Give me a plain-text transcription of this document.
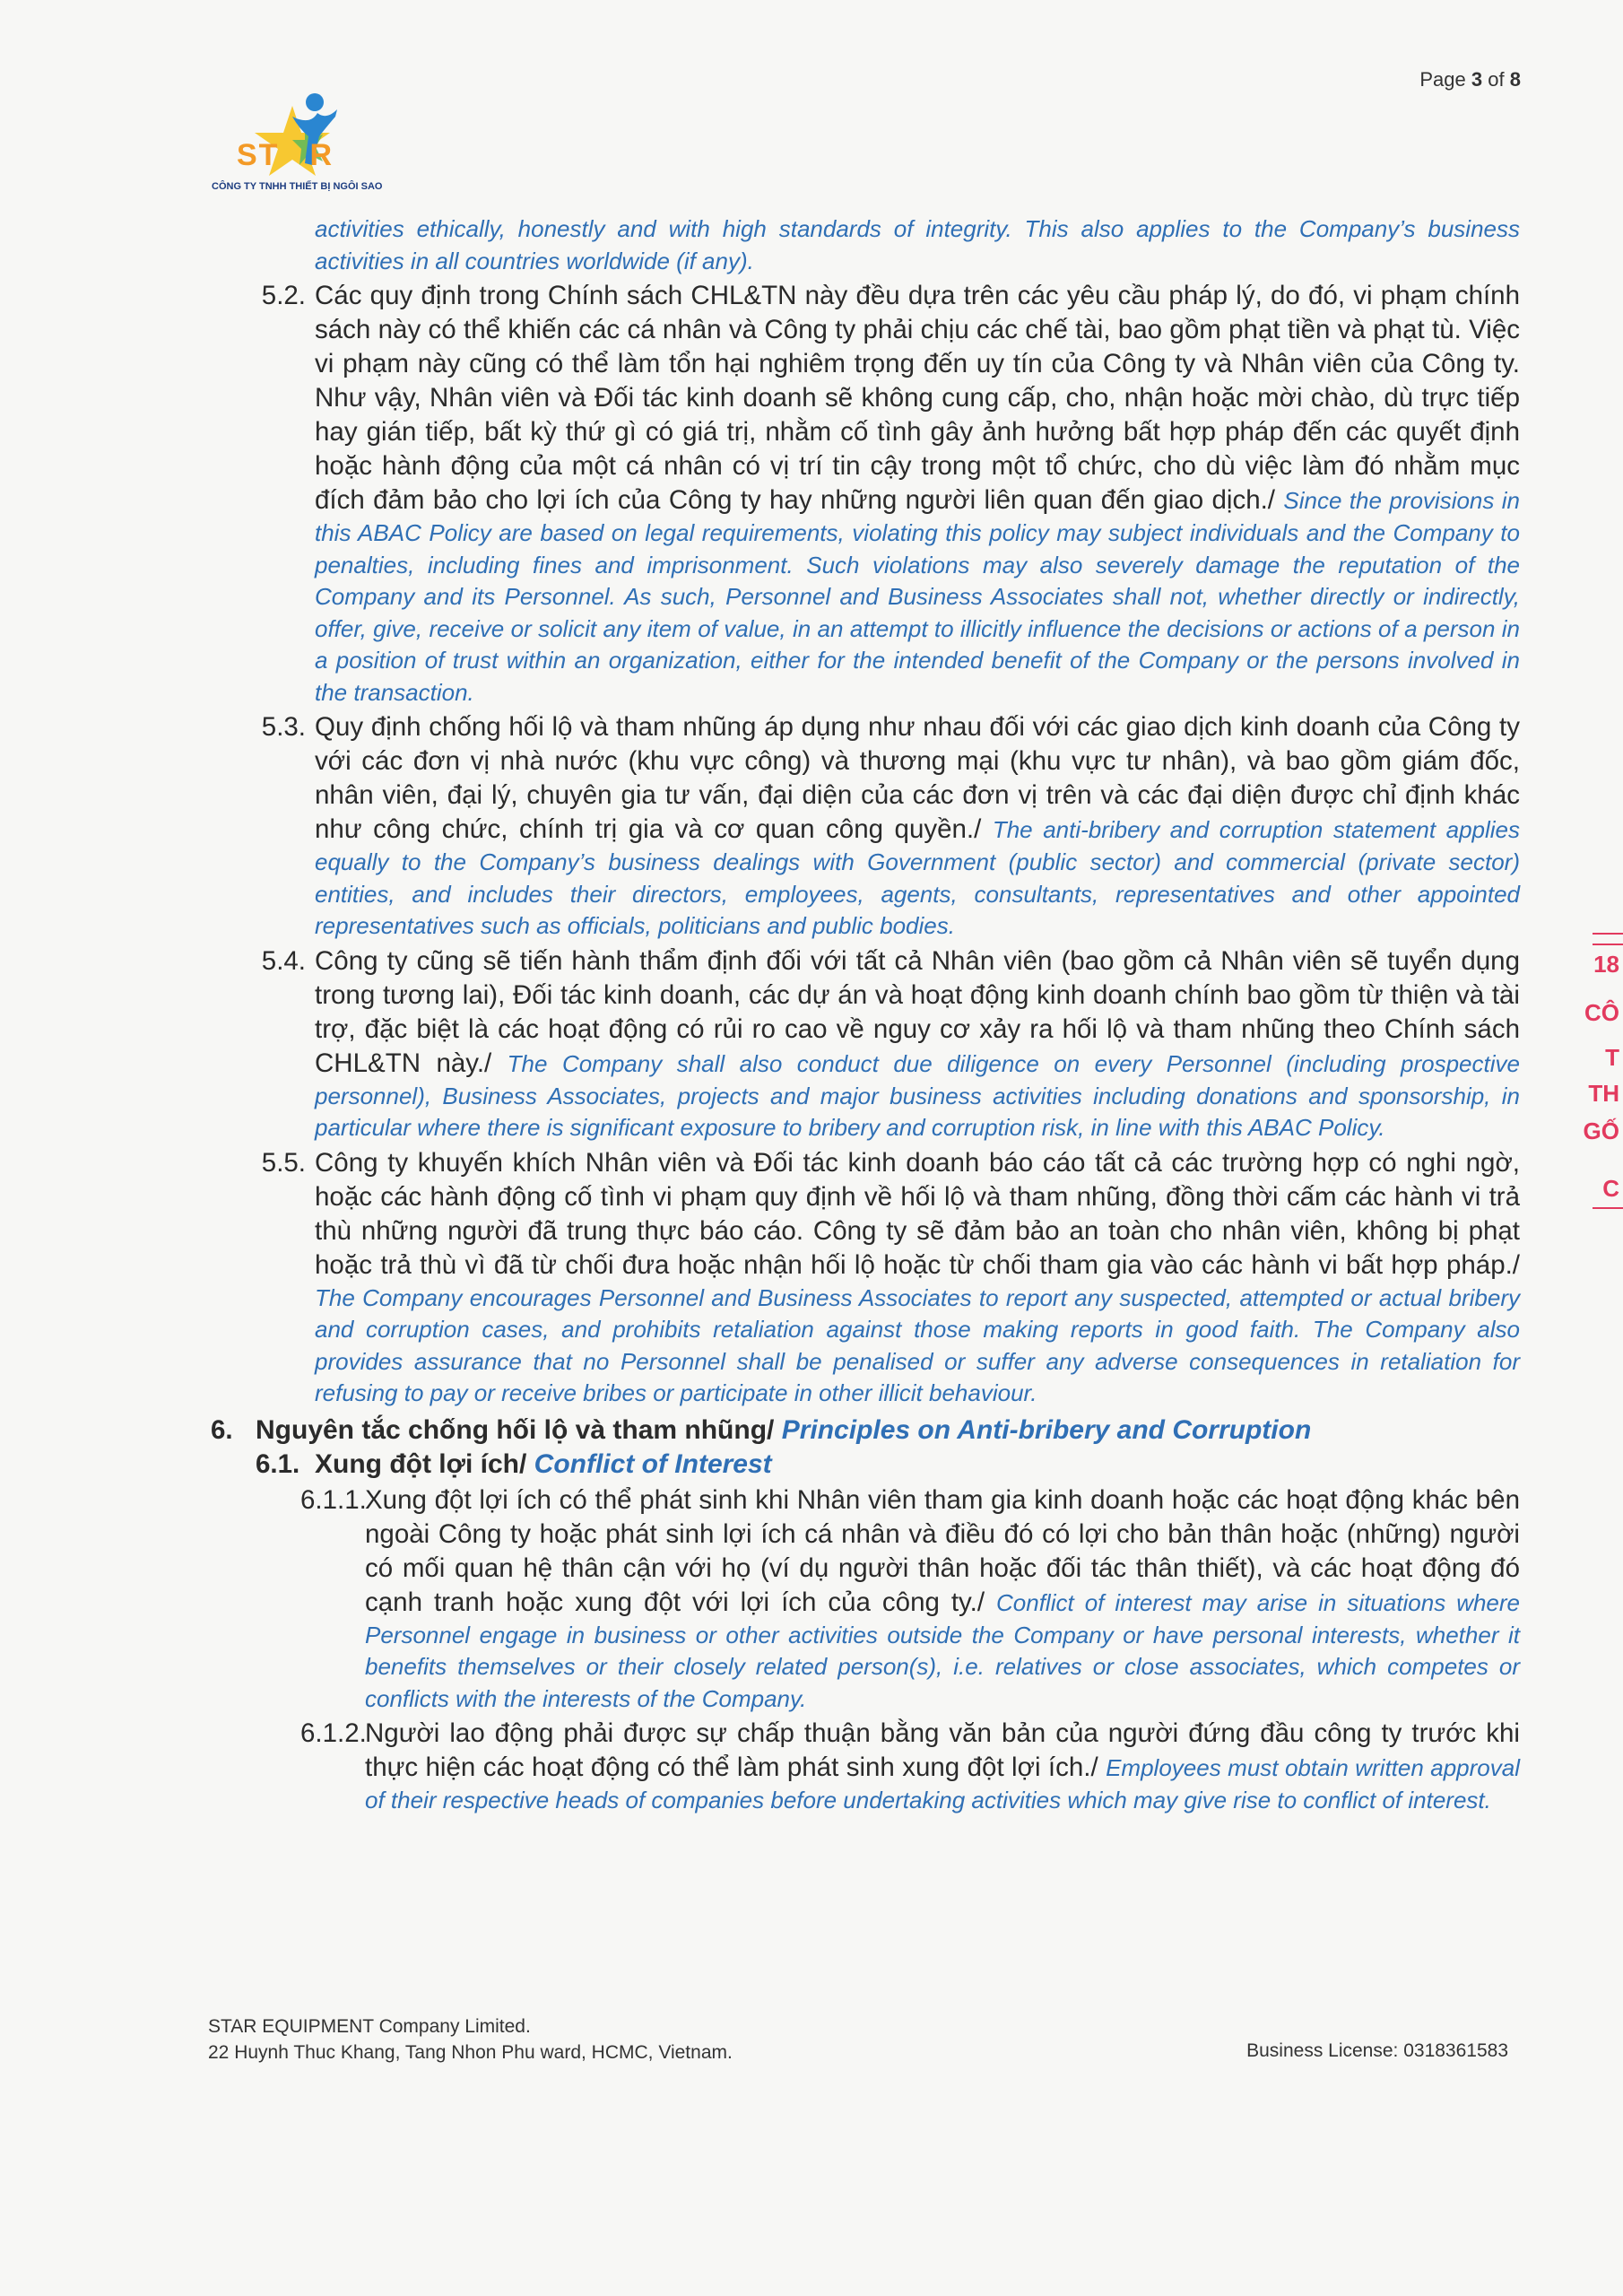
Page 3 of 8
ST R
CÔNG TY TNHH THIẾT BỊ NGÔI SAO
activities ethically, honestly and with high standards of integrity. This also applies to the Company’s business activities in all countries worldwide (if any).
5.2. Các quy định trong Chính sách CHL&TN này đều dựa trên các yêu cầu pháp lý, do đó, vi phạm chính sách này có thể khiến các cá nhân và Công ty phải chịu các chế tài, bao gồm phạt tiền và phạt tù. Việc vi phạm này cũng có thể làm tổn hại nghiêm trọng đến uy tín của Công ty và Nhân viên của Công ty. Như vậy, Nhân viên và Đối tác kinh doanh sẽ không cung cấp, cho, nhận hoặc mời chào, dù trực tiếp hay gián tiếp, bất kỳ thứ gì có giá trị, nhằm cố tình gây ảnh hưởng bất hợp pháp đến các quyết định hoặc hành động của một cá nhân có vị trí tin cậy trong một tổ chức, cho dù việc làm đó nhằm mục đích đảm bảo cho lợi ích của Công ty hay những người liên quan đến giao dịch./ Since the provisions in this ABAC Policy are based on legal requirements, violating this policy may subject individuals and the Company to penalties, including fines and imprisonment. Such violations may also severely damage the reputation of the Company and its Personnel. As such, Personnel and Business Associates shall not, whether directly or indirectly, offer, give, receive or solicit any item of value, in an attempt to illicitly influence the decisions or actions of a person in a position of trust within an organization, either for the intended benefit of the Company or the persons involved in the transaction.
5.3. Quy định chống hối lộ và tham nhũng áp dụng như nhau đối với các giao dịch kinh doanh của Công ty với các đơn vị nhà nước (khu vực công) và thương mại (khu vực tư nhân), và bao gồm giám đốc, nhân viên, đại lý, chuyên gia tư vấn, đại diện của các đơn vị trên và các đại diện được chỉ định khác như công chức, chính trị gia và cơ quan công quyền./ The anti-bribery and corruption statement applies equally to the Company’s business dealings with Government (public sector) and commercial (private sector) entities, and includes their directors, employees, agents, consultants, representatives and other appointed representatives such as officials, politicians and public bodies.
5.4. Công ty cũng sẽ tiến hành thẩm định đối với tất cả Nhân viên (bao gồm cả Nhân viên sẽ tuyển dụng trong tương lai), Đối tác kinh doanh, các dự án và hoạt động kinh doanh chính bao gồm từ thiện và tài trợ, đặc biệt là các hoạt động có rủi ro cao về nguy cơ xảy ra hối lộ và tham nhũng theo Chính sách CHL&TN này./ The Company shall also conduct due diligence on every Personnel (including prospective personnel), Business Associates, projects and major business activities including donations and sponsorship, in particular where there is significant exposure to bribery and corruption risk, in line with this ABAC Policy.
5.5. Công ty khuyến khích Nhân viên và Đối tác kinh doanh báo cáo tất cả các trường hợp có nghi ngờ, hoặc các hành động cố tình vi phạm quy định về hối lộ và tham nhũng, đồng thời cấm các hành vi trả thù những người đã trung thực báo cáo. Công ty sẽ đảm bảo an toàn cho nhân viên, không bị phạt hoặc trả thù vì đã từ chối đưa hoặc nhận hối lộ hoặc từ chối tham gia vào các hành vi bất hợp pháp./ The Company encourages Personnel and Business Associates to report any suspected, attempted or actual bribery and corruption cases, and prohibits retaliation against those making reports in good faith. The Company also provides assurance that no Personnel shall be penalised or suffer any adverse consequences in retaliation for refusing to pay or receive bribes or participate in other illicit behaviour.
6. Nguyên tắc chống hối lộ và tham nhũng/ Principles on Anti-bribery and Corruption
6.1. Xung đột lợi ích/ Conflict of Interest
6.1.1.
Xung đột lợi ích có thể phát sinh khi Nhân viên tham gia kinh doanh hoặc các hoạt động khác bên ngoài Công ty hoặc phát sinh lợi ích cá nhân và điều đó có lợi cho bản thân hoặc (những) người có mối quan hệ thân cận với họ (ví dụ người thân hoặc đối tác thân thiết), và các hoạt động đó cạnh tranh hoặc xung đột với lợi ích của công ty./ Conflict of interest may arise in situations where Personnel engage in business or other activities outside the Company or have personal interests, whether it benefits themselves or their closely related person(s), i.e. relatives or close associates, which competes or conflicts with the interests of the Company.
6.1.2.
Người lao động phải được sự chấp thuận bằng văn bản của người đứng đầu công ty trước khi thực hiện các hoạt động có thể làm phát sinh xung đột lợi ích./ Employees must obtain written approval of their respective heads of companies before undertaking activities which may give rise to conflict of interest.
STAR EQUIPMENT Company Limited.
22 Huynh Thuc Khang, Tang Nhon Phu ward, HCMC, Vietnam.	Business License: 0318361583
18
CÔ
T
TH
GỐ
C
